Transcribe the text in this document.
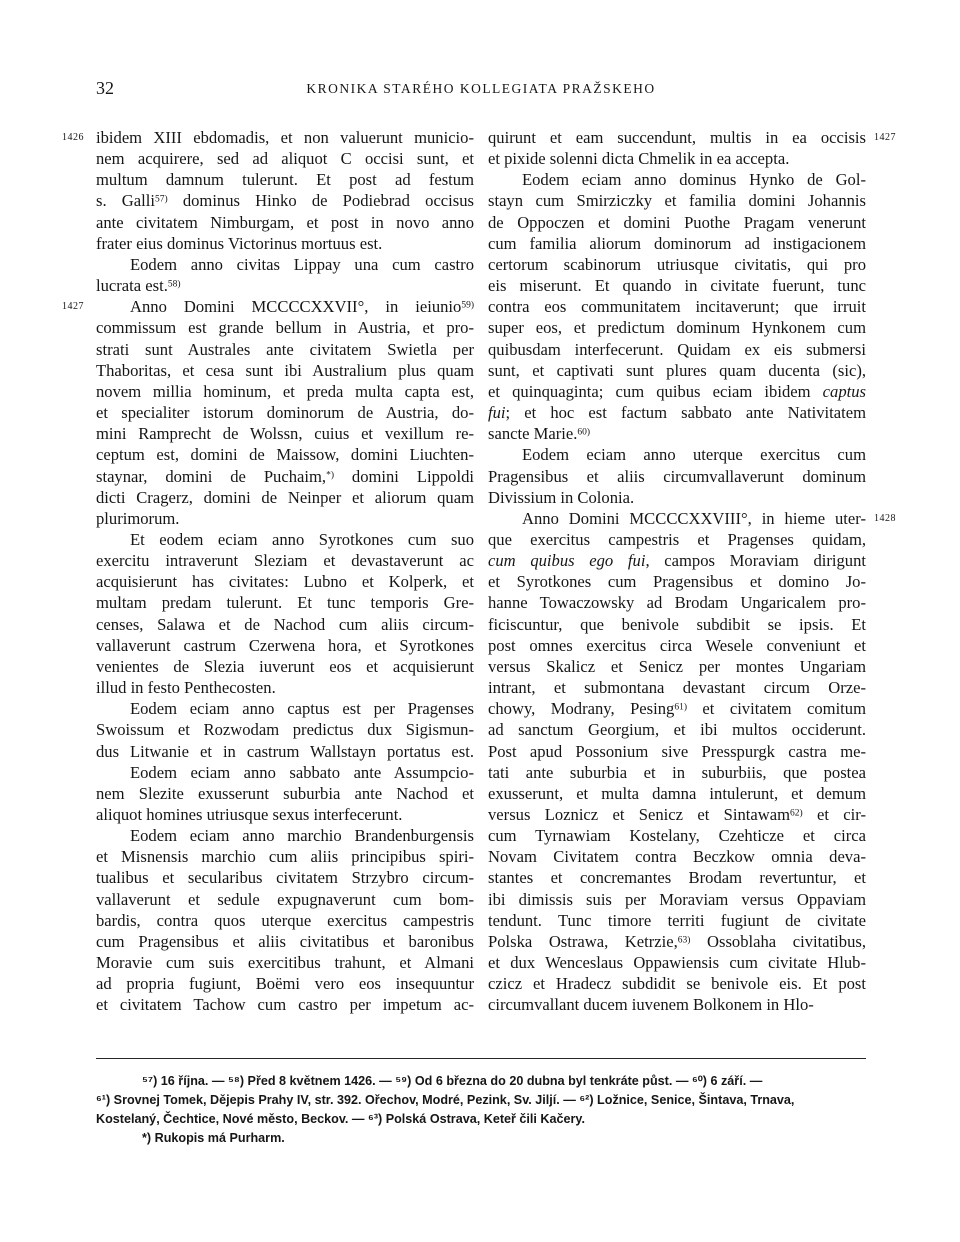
32	KRONIKA STARÉHO KOLLEGIATA PRAŽSKEHO
1426
1427
1427
1428
ibidem XIII ebdomadis, et non valuerunt municio-
nem acquirere, sed ad aliquot C occisi sunt, et
multum damnum tulerunt. Et post ad festum
s. Galli$^{57)}$ dominus Hinko de Podiebrad occisus
ante civitatem Nimburgam, et post in novo anno
frater eius dominus Victorinus mortuus est.
Eodem anno civitas Lippay una cum castro
lucrata est.$^{58)}$
Anno Domini MCCCCXXVII°, in ieiunio$^{59)}$
commissum est grande bellum in Austria, et pro-
strati sunt Australes ante civitatem Swietla per
Thaboritas, et cesa sunt ibi Australium plus quam
novem millia hominum, et preda multa capta est,
et specialiter istorum dominorum de Austria, do-
mini Ramprecht de Wolssn, cuius et vexillum re-
ceptum est, domini de Maissow, domini Liuchten-
staynar, domini de Puchaim,*) domini Lippoldi
dicti Cragerz, domini de Neinper et aliorum quam
plurimorum.
Et eodem eciam anno Syrotkones cum suo
exercitu intraverunt Sleziam et devastaverunt ac
acquisierunt has civitates: Lubno et Kolperk, et
multam predam tulerunt. Et tunc temporis Gre-
censes, Salawa et de Nachod cum aliis circum-
vallaverunt castrum Czerwena hora, et Syrotkones
venientes de Slezia iuverunt eos et acquisierunt
illud in festo Penthecosten.
Eodem eciam anno captus est per Pragenses
Swoissum et Rozwodam predictus dux Sigismun-
dus Litwanie et in castrum Wallstayn portatus est.
Eodem eciam anno sabbato ante Assumpcio-
nem Slezite exusserunt suburbia ante Nachod et
aliquot homines utriusque sexus interfecerunt.
Eodem eciam anno marchio Brandenburgensis
et Misnensis marchio cum aliis principibus spiri-
tualibus et secularibus civitatem Strzybro circum-
vallaverunt et sedule expugnaverunt cum bom-
bardis, contra quos uterque exercitus campestris
cum Pragensibus et aliis civitatibus et baronibus
Moravie cum suis exercitibus trahunt, et Almani
ad propria fugiunt, Boëmi vero eos insequuntur
et civitatem Tachow cum castro per impetum ac-
quirunt et eam succendunt, multis in ea occisis
et pixide solenni dicta Chmelik in ea accepta.
Eodem eciam anno dominus Hynko de Gol-
stayn cum Smirziczky et familia domini Johannis
de Oppoczen et domini Puothe Pragam venerunt
cum familia aliorum dominorum ad instigacionem
certorum scabinorum utriusque civitatis, qui pro
eis miserunt. Et quando in civitate fuerunt, tunc
contra eos communitatem incitaverunt; que irruit
super eos, et predictum dominum Hynkonem cum
quibusdam interfecerunt. Quidam ex eis submersi
sunt, et captivati sunt plures quam ducenta (sic),
et quinquaginta; cum quibus eciam ibidem captus
fui; et hoc est factum sabbato ante Nativitatem
sancte Marie.$^{60)}$
Eodem eciam anno uterque exercitus cum
Pragensibus et aliis circumvallaverunt dominum
Divissium in Colonia.
Anno Domini MCCCCXXVIII°, in hieme uter-
que exercitus campestris et Pragenses quidam,
cum quibus ego fui, campos Moraviam dirigunt
et Syrotkones cum Pragensibus et domino Jo-
hanne Towaczowsky ad Brodam Ungaricalem pro-
ficiscuntur, que benivole subdibit se ipsis. Et
post omnes exercitus circa Wesele conveniunt et
versus Skalicz et Senicz per montes Ungariam
intrant, et submontana devastant circum Orze-
chowy, Modrany, Pesing$^{61)}$ et civitatem comitum
ad sanctum Georgium, et ibi multos occiderunt.
Post apud Possonium sive Presspurgk castra me-
tati ante suburbia et in suburbiis, que postea
exusserunt, et multa damna intulerunt, et demum
versus Loznicz et Senicz et Sintawam$^{62)}$ et cir-
cum Tyrnawiam Kostelany, Czehticze et circa
Novam Civitatem contra Beczkow omnia deva-
stantes et concremantes Brodam revertuntur, et
ibi dimissis suis per Moraviam versus Oppaviam
tendunt. Tunc timore territi fugiunt de civitate
Polska Ostrawa, Ketrzie,$^{63)}$ Ossoblaha civitatibus,
et dux Wenceslaus Oppawiensis cum civitate Hlub-
czicz et Hradecz subdidit se benivole eis. Et post
circumvallant ducem iuvenem Bolkonem in Hlo-
⁵⁷) 16 října. — ⁵⁸) Před 8 květnem 1426. — ⁵⁹) Od 6 března do 20 dubna byl tenkráte půst. — ⁶⁰) 6 září. —
⁶¹) Srovnej Tomek, Dějepis Prahy IV, str. 392. Ořechov, Modré, Pezink, Sv. Jiljí. — ⁶²) Ložnice, Senice, Šintava, Trnava,
Kostelaný, Čechtice, Nové město, Beckov. — ⁶³) Polská Ostrava, Keteř čili Kačery.
*) Rukopis má Purharm.
